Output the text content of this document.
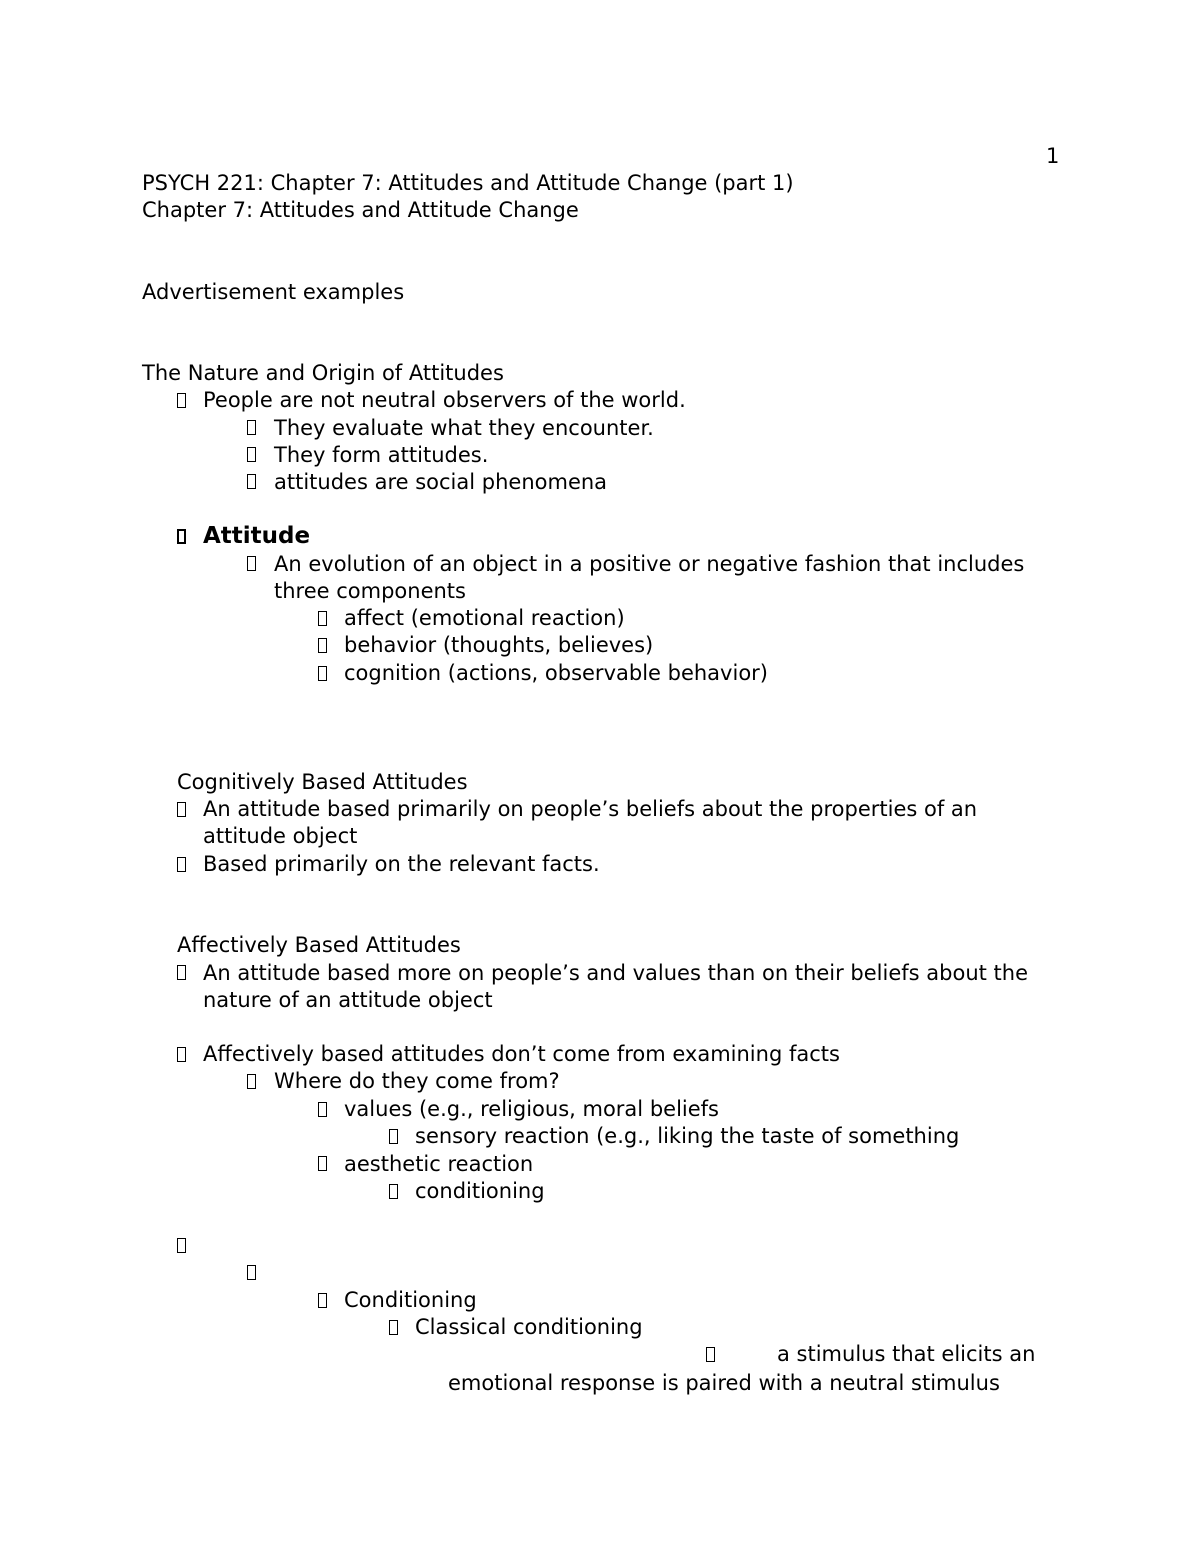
1
PSYCH 221: Chapter 7: Attitudes and Attitude Change (part 1)
Chapter 7: Attitudes and Attitude Change
Advertisement examples
The Nature and Origin of Attitudes
People are not neutral observers of the world.
They evaluate what they encounter.
They form attitudes.
attitudes are social phenomena
Attitude
An evolution of an object in a positive or negative fashion that includes
three components
affect (emotional reaction)
behavior (thoughts, believes)
cognition (actions, observable behavior)
Cognitively Based Attitudes
An attitude based primarily on people’s beliefs about the properties of an
attitude object
Based primarily on the relevant facts.
Affectively Based Attitudes
An attitude based more on people’s and values than on their beliefs about the
nature of an attitude object
Affectively based attitudes don’t come from examining facts
Where do they come from?
values (e.g., religious, moral beliefs
sensory reaction (e.g., liking the taste of something
aesthetic reaction
conditioning
Conditioning
Classical conditioning
a stimulus that elicits an
emotional response is paired with a neutral stimulus
